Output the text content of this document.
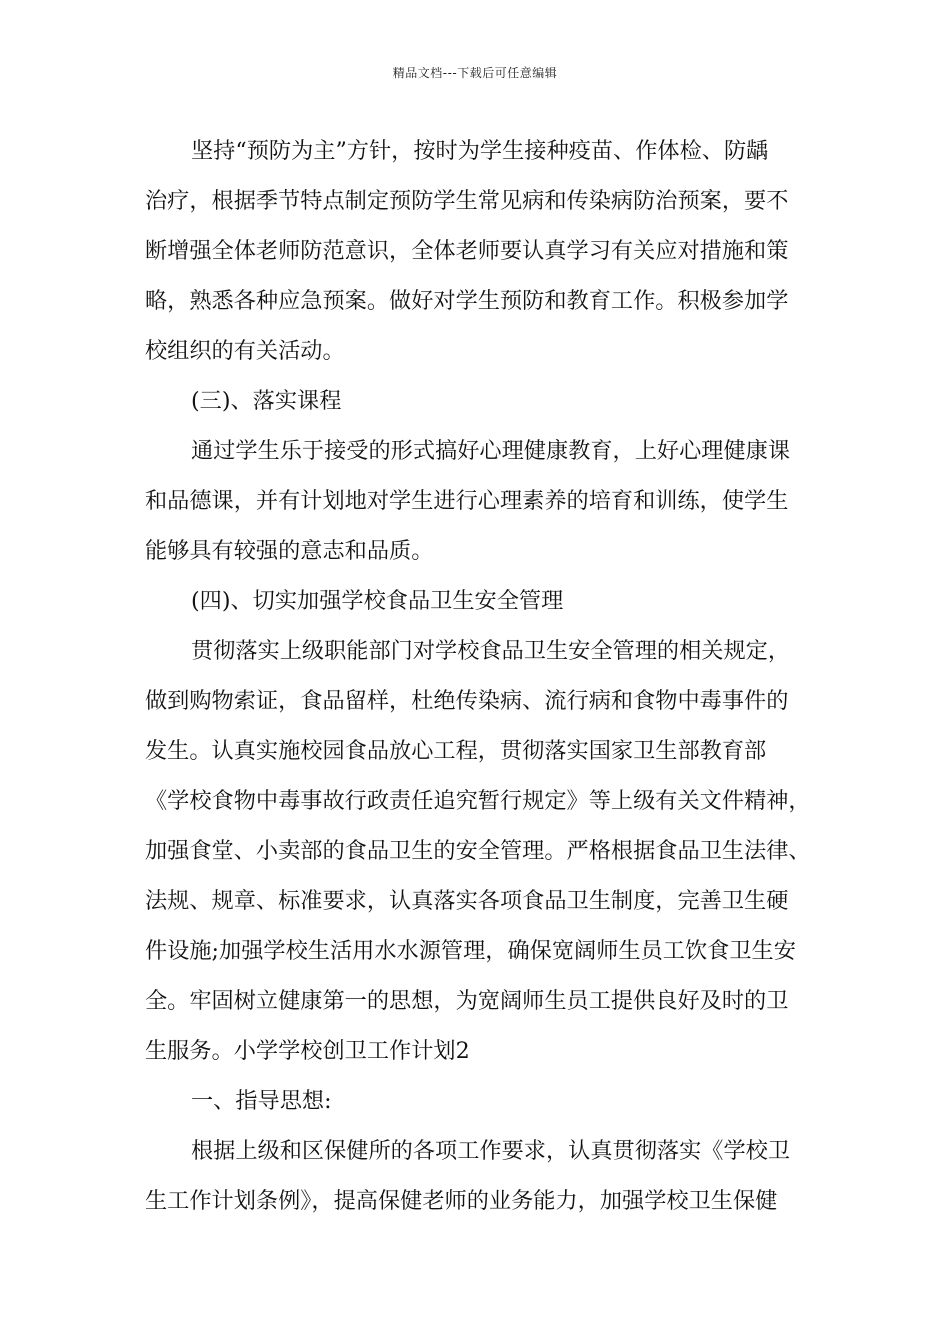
精品文档---下载后可任意编辑
坚持“预防为主”方针，按时为学生接种疫苗、作体检、防龋
治疗，根据季节特点制定预防学生常见病和传染病防治预案，要不
断增强全体老师防范意识，全体老师要认真学习有关应对措施和策
略，熟悉各种应急预案。做好对学生预防和教育工作。积极参加学
校组织的有关活动。
(三)、落实课程
通过学生乐于接受的形式搞好心理健康教育，上好心理健康课
和品德课，并有计划地对学生进行心理素养的培育和训练，使学生
能够具有较强的意志和品质。
(四)、切实加强学校食品卫生安全管理
贯彻落实上级职能部门对学校食品卫生安全管理的相关规定，
做到购物索证，食品留样，杜绝传染病、流行病和食物中毒事件的
发生。认真实施校园食品放心工程，贯彻落实国家卫生部教育部
《学校食物中毒事故行政责任追究暂行规定》等上级有关文件精神，
加强食堂、小卖部的食品卫生的安全管理。严格根据食品卫生法律、
法规、规章、标准要求，认真落实各项食品卫生制度，完善卫生硬
件设施;加强学校生活用水水源管理，确保宽阔师生员工饮食卫生安
全。牢固树立健康第一的思想，为宽阔师生员工提供良好及时的卫
生服务。小学学校创卫工作计划2
一、指导思想:
根据上级和区保健所的各项工作要求，认真贯彻落实《学校卫
生工作计划条例》，提高保健老师的业务能力，加强学校卫生保健
